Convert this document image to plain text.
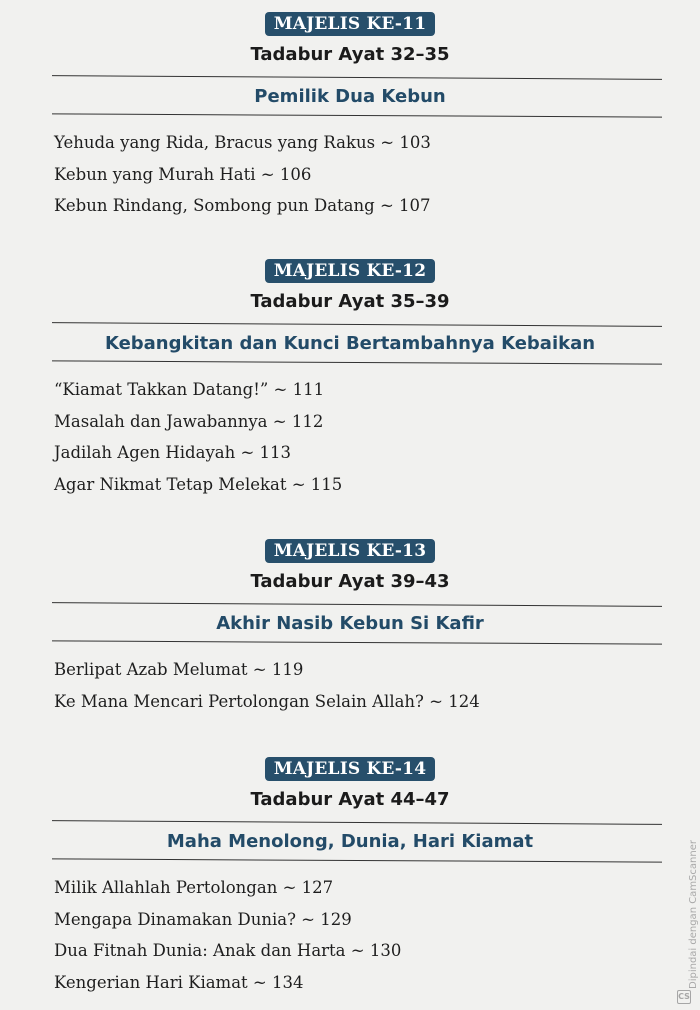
MAJELIS KE-11
Tadabur Ayat 32–35
Pemilik Dua Kebun
Yehuda yang Rida, Bracus yang Rakus ~ 103
Kebun yang Murah Hati ~ 106
Kebun Rindang, Sombong pun Datang ~ 107
MAJELIS KE-12
Tadabur Ayat 35–39
Kebangkitan dan Kunci Bertambahnya Kebaikan
“Kiamat Takkan Datang!” ~ 111
Masalah dan Jawabannya ~ 112
Jadilah Agen Hidayah ~ 113
Agar Nikmat Tetap Melekat ~ 115
MAJELIS KE-13
Tadabur Ayat 39–43
Akhir Nasib Kebun Si Kafir
Berlipat Azab Melumat ~ 119
Ke Mana Mencari Pertolongan Selain Allah? ~ 124
MAJELIS KE-14
Tadabur Ayat 44–47
Maha Menolong, Dunia, Hari Kiamat
Milik Allahlah Pertolongan ~ 127
Mengapa Dinamakan Dunia? ~ 129
Dua Fitnah Dunia: Anak dan Harta ~ 130
Kengerian Hari Kiamat ~ 134	Dipindai dengan CamScanner
CS
